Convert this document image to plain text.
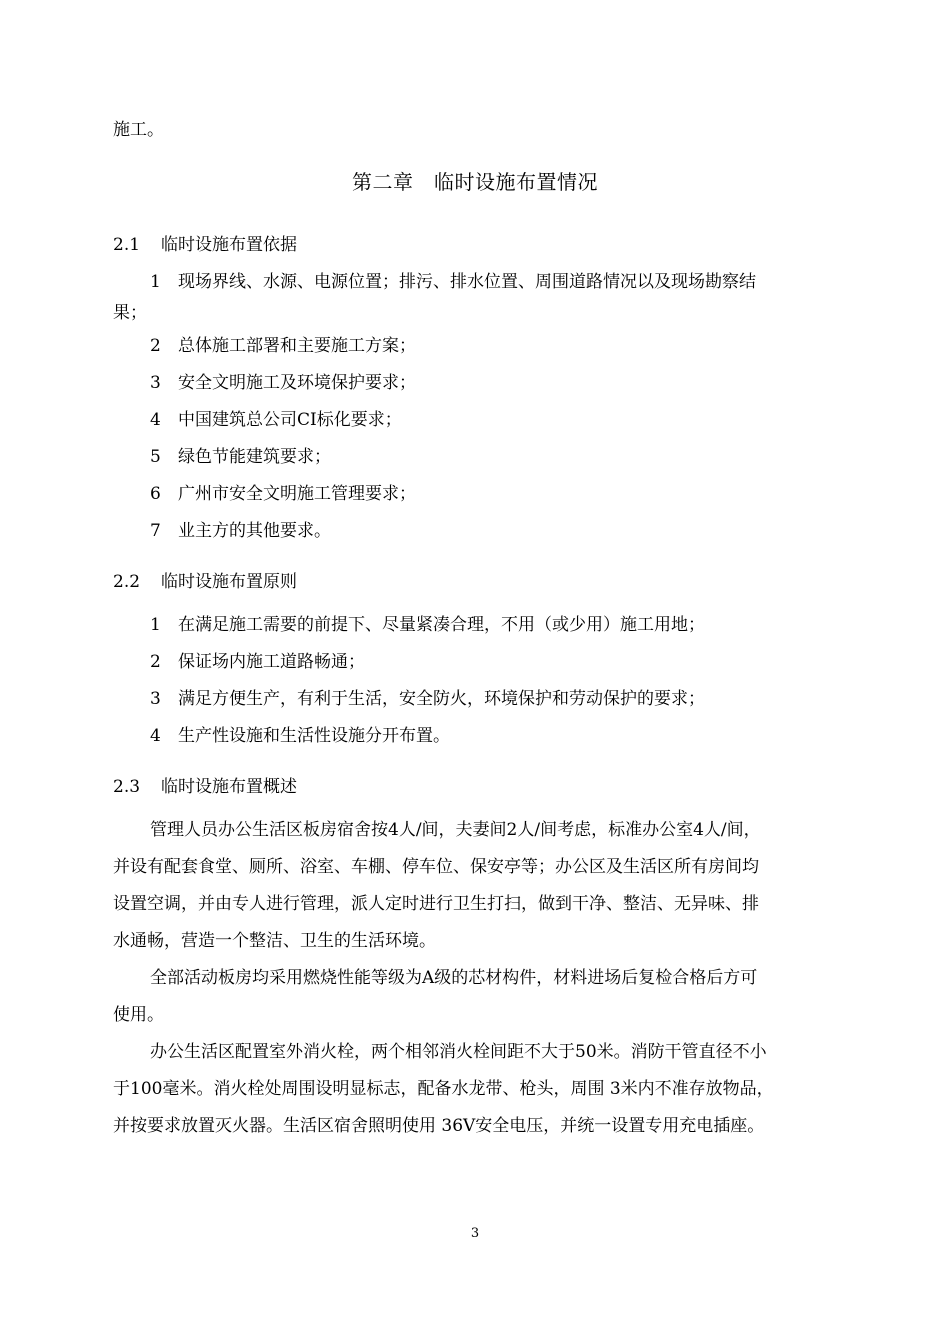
施工。
第二章　临时设施布置情况
2.1 临时设施布置依据
1 现场界线、水源、电源位置；排污、排水位置、周围道路情况以及现场勘察结
果；
2 总体施工部署和主要施工方案；
3 安全文明施工及环境保护要求；
4 中国建筑总公司CI标化要求；
5 绿色节能建筑要求；
6 广州市安全文明施工管理要求；
7 业主方的其他要求。
2.2 临时设施布置原则
1 在满足施工需要的前提下、尽量紧凑合理，不用（或少用）施工用地；
2 保证场内施工道路畅通；
3 满足方便生产，有利于生活，安全防火，环境保护和劳动保护的要求；
4 生产性设施和生活性设施分开布置。
2.3 临时设施布置概述
管理人员办公生活区板房宿舍按4人/间，夫妻间2人/间考虑，标准办公室4人/间，
并设有配套食堂、厕所、浴室、车棚、停车位、保安亭等；办公区及生活区所有房间均
设置空调，并由专人进行管理，派人定时进行卫生打扫，做到干净、整洁、无异味、排
水通畅，营造一个整洁、卫生的生活环境。
全部活动板房均采用燃烧性能等级为A级的芯材构件，材料进场后复检合格后方可
使用。
办公生活区配置室外消火栓，两个相邻消火栓间距不大于50米。消防干管直径不小
于100毫米。消火栓处周围设明显标志，配备水龙带、枪头，周围 3米内不准存放物品，
并按要求放置灭火器。生活区宿舍照明使用 36V安全电压，并统一设置专用充电插座。
3
